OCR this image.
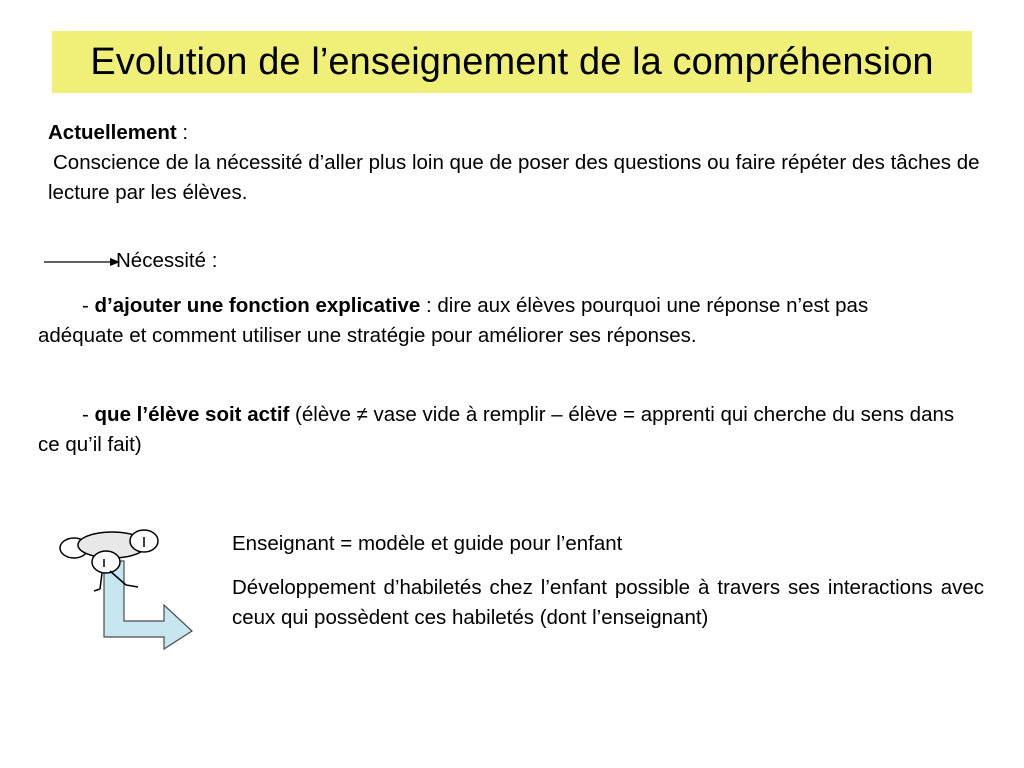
Evolution de l’enseignement de la compréhension
Actuellement :
Conscience de la nécessité d’aller plus loin que de poser des questions ou faire répéter des tâches de lecture par les élèves.
Nécessité :
- d’ajouter une fonction explicative : dire aux élèves pourquoi une réponse n’est pas adéquate et comment utiliser une stratégie pour améliorer ses réponses.
- que l’élève soit actif (élève ≠ vase vide à remplir – élève = apprenti qui cherche du sens dans ce qu’il fait)
Enseignant = modèle et guide pour l’enfant
Développement d’habiletés chez l’enfant possible à travers ses interactions avec ceux qui possèdent ces habiletés (dont l’enseignant)
